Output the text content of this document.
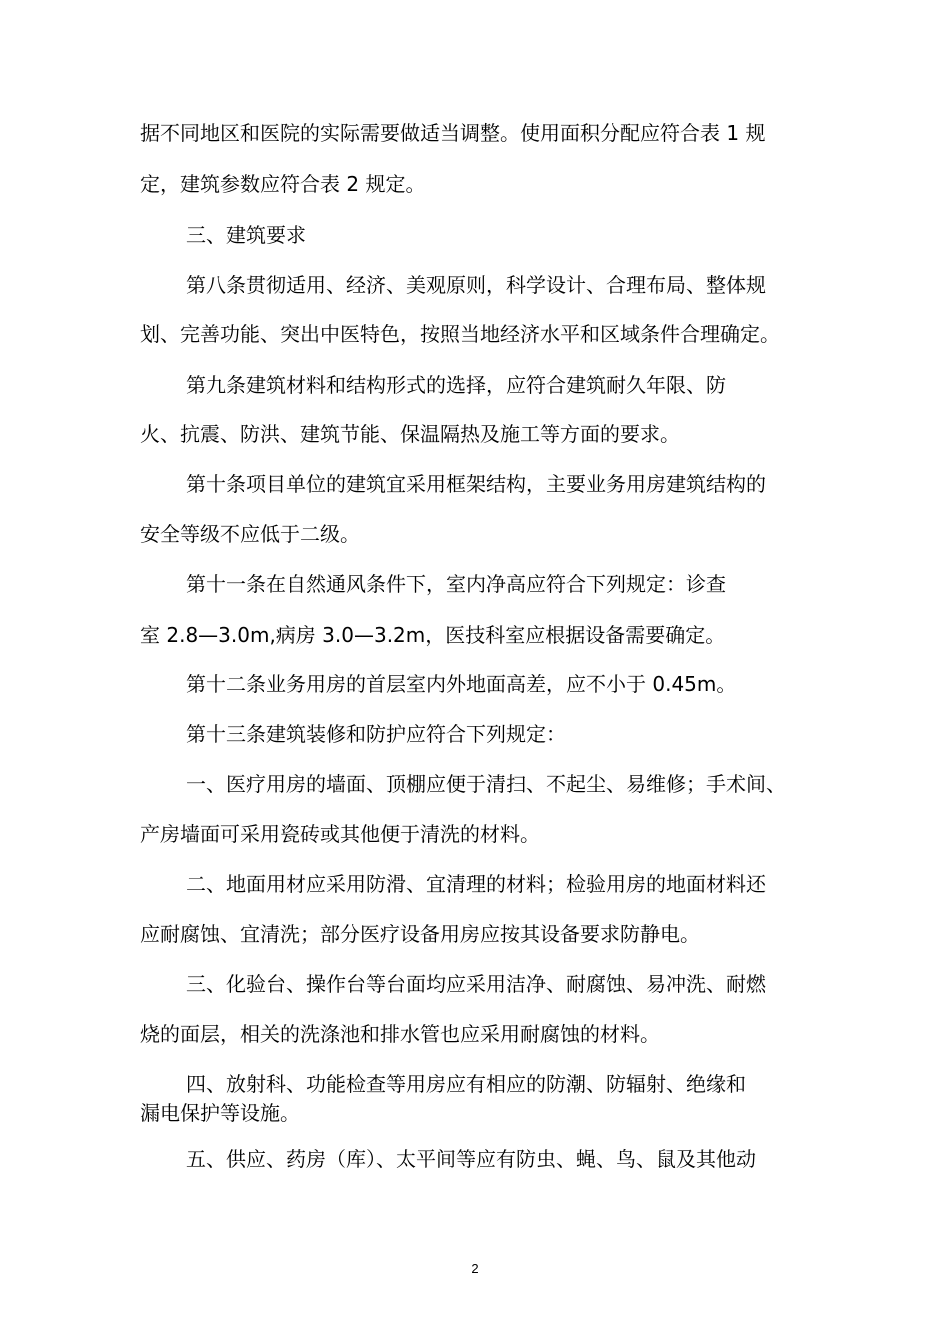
据不同地区和医院的实际需要做适当调整。使用面积分配应符合表 1 规
定，建筑参数应符合表 2 规定。
三、建筑要求
第八条贯彻适用、经济、美观原则，科学设计、合理布局、整体规
划、完善功能、突出中医特色，按照当地经济水平和区域条件合理确定。
第九条建筑材料和结构形式的选择，应符合建筑耐久年限、防
火、抗震、防洪、建筑节能、保温隔热及施工等方面的要求。
第十条项目单位的建筑宜采用框架结构，主要业务用房建筑结构的
安全等级不应低于二级。
第十一条在自然通风条件下，室内净高应符合下列规定：诊查
室 2.8—3.0m,病房 3.0—3.2m，医技科室应根据设备需要确定。
第十二条业务用房的首层室内外地面高差，应不小于 0.45m。
第十三条建筑装修和防护应符合下列规定：
一、医疗用房的墙面、顶棚应便于清扫、不起尘、易维修；手术间、
产房墙面可采用瓷砖或其他便于清洗的材料。
二、地面用材应采用防滑、宜清理的材料；检验用房的地面材料还
应耐腐蚀、宜清洗；部分医疗设备用房应按其设备要求防静电。
三、化验台、操作台等台面均应采用洁净、耐腐蚀、易冲洗、耐燃
烧的面层，相关的洗涤池和排水管也应采用耐腐蚀的材料。
四、放射科、功能检查等用房应有相应的防潮、防辐射、绝缘和
漏电保护等设施。
五、供应、药房（库）、太平间等应有防虫、蝇、鸟、鼠及其他动
2
